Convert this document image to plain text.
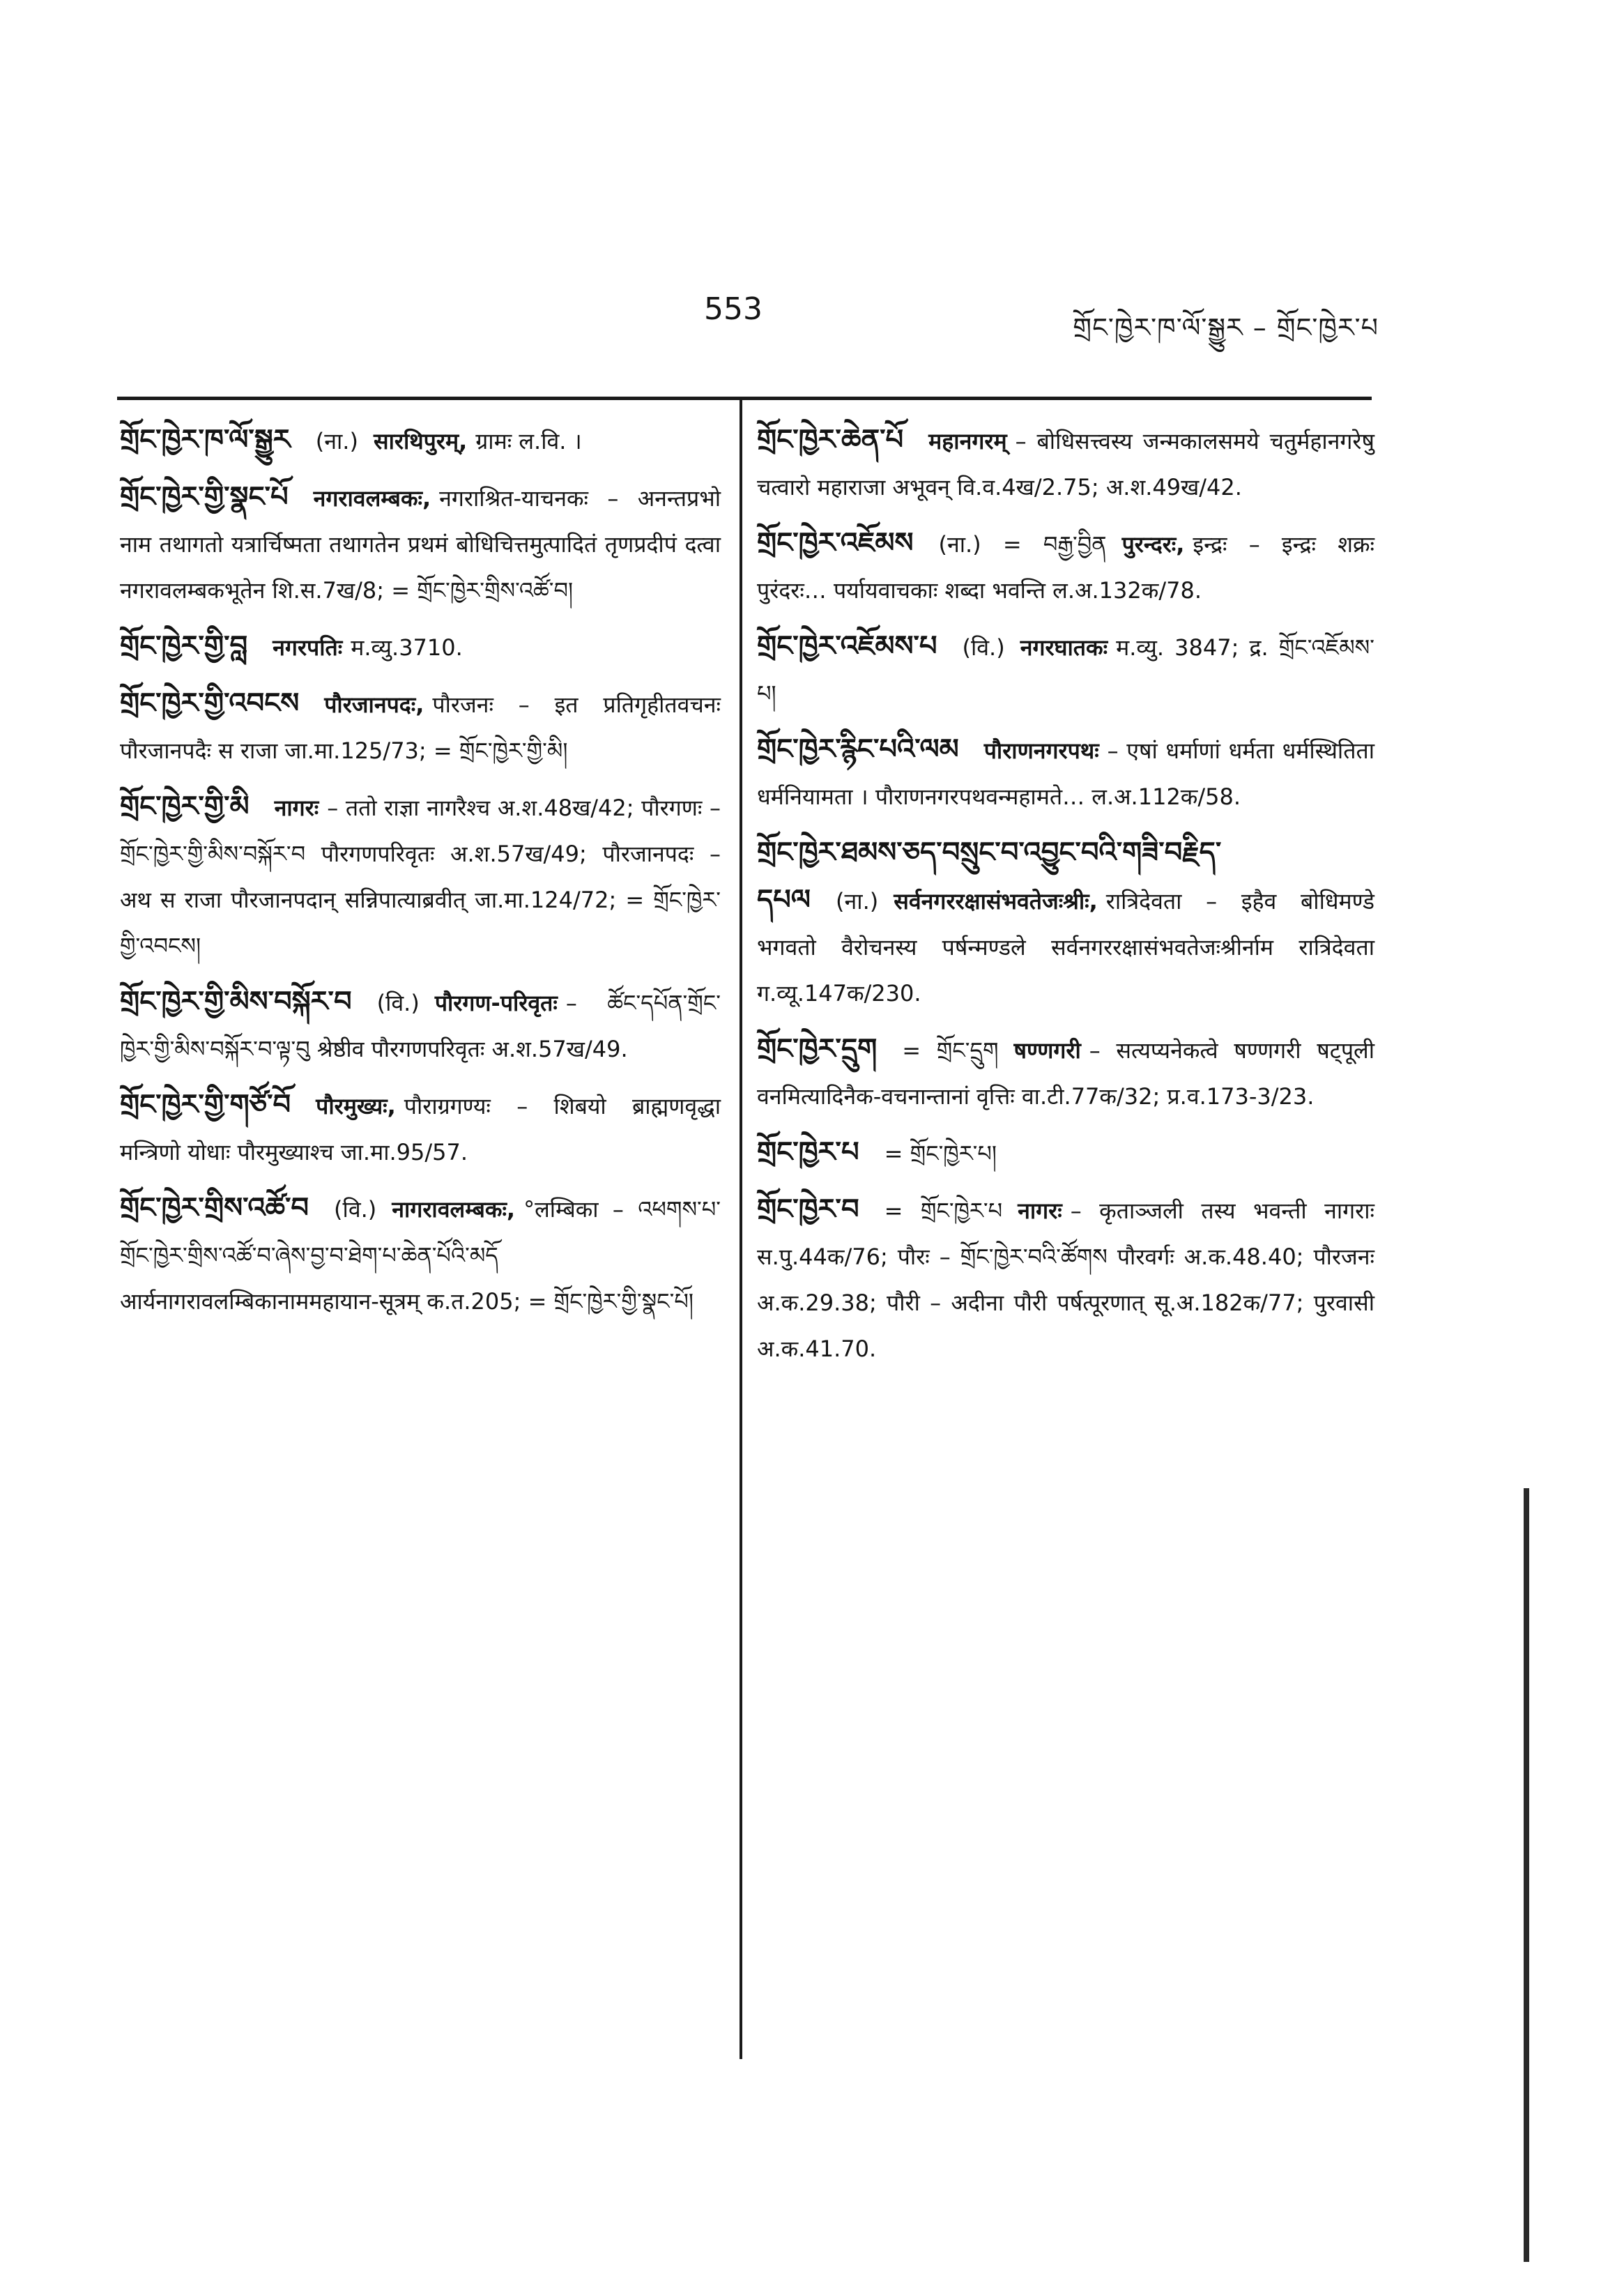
553
གྲོང་ཁྱེར་ཁ་ལོ་སྒྱུར – གྲོང་ཁྱེར་པ
གྲོང་ཁྱེར་ཁ་ལོ་སྒྱུར (ना.) सारथिपुरम्, ग्रामः ल.वि. ।
གྲོང་ཁྱེར་གྱི་སྣང་པོ नगरावलम्बकः, नगराश्रित-याचनकः – अनन्तप्रभो नाम तथागतो यत्रार्चिष्मता तथागतेन प्रथमं बोधिचित्तमुत्पादितं तृणप्रदीपं दत्वा नगरावलम्बकभूतेन शि.स.7ख/8; = གྲོང་ཁྱེར་གྲིས་འཚོ་བ།
གྲོང་ཁྱེར་གྱི་བླ नगरपतिः म.व्यु.3710.
གྲོང་ཁྱེར་གྱི་འབངས पौरजानपदः, पौरजनः – इत प्रतिगृहीतवचनः पौरजानपदैः स राजा जा.मा.125/73; = གྲོང་ཁྱེར་གྱི་མི།
གྲོང་ཁྱེར་གྱི་མི नागरः – ततो राज्ञा नागरैश्च अ.श.48ख/42; पौरगणः – གྲོང་ཁྱེར་གྱི་མིས་བསྐོར་བ पौरगणपरिवृतः अ.श.57ख/49; पौरजानपदः – अथ स राजा पौरजानपदान् सन्निपात्याब्रवीत् जा.मा.124/72; = གྲོང་ཁྱེར་གྱི་འབངས།
གྲོང་ཁྱེར་གྱི་མིས་བསྐོར་བ (वि.) पौरगण-परिवृतः – ཚོང་དཔོན་གྲོང་ཁྱེར་གྱི་མིས་བསྐོར་བ་ལྟ་བུ श्रेष्ठीव पौरगणपरिवृतः अ.श.57ख/49.
གྲོང་ཁྱེར་གྱི་གཙོ་བོ पौरमुख्यः, पौराग्रगण्यः – शिबयो ब्राह्मणवृद्धा मन्त्रिणो योधाः पौरमुख्याश्च जा.मा.95/57.
གྲོང་ཁྱེར་གྲིས་འཚོ་བ (वि.) नागरावलम्बकः, °लम्बिका – འཕགས་པ་གྲོང་ཁྱེར་གྲིས་འཚོ་བ་ཞེས་བྱ་བ་ཐེག་པ་ཆེན་པོའི་མདོ आर्यनागरावलम्बिकानाममहायान-सूत्रम् क.त.205; = གྲོང་ཁྱེར་གྱི་སྣང་པོ།
གྲོང་ཁྱེར་ཆེན་པོ महानगरम् – बोधिसत्त्वस्य जन्मकालसमये चतुर्महानगरेषु चत्वारो महाराजा अभूवन् वि.व.4ख/2.75; अ.श.49ख/42.
གྲོང་ཁྱེར་འཇོམས (ना.) = བརྒྱ་བྱིན पुरन्दरः, इन्द्रः – इन्द्रः शक्रः पुरंदरः… पर्यायवाचकाः शब्दा भवन्ति ल.अ.132क/78.
གྲོང་ཁྱེར་འཇོམས་པ (वि.) नगरघातकः म.व्यु. 3847; द्र. གྲོང་འཇོམས་པ།
གྲོང་ཁྱེར་རྙིང་པའི་ལམ पौराणनगरपथः – एषां धर्माणां धर्मता धर्मस्थितिता धर्मनियामता । पौराणनगरपथवन्महामते… ल.अ.112क/58.
གྲོང་ཁྱེར་ཐམས་ཅད་བསྲུང་བ་འབྱུང་བའི་གཟི་བརྗིད་དཔལ (ना.) सर्वनगररक्षासंभवतेजःश्रीः, रात्रिदेवता – इहैव बोधिमण्डे भगवतो वैरोचनस्य पर्षन्मण्डले सर्वनगररक्षासंभवतेजःश्रीर्नाम रात्रिदेवता ग.व्यू.147क/230.
གྲོང་ཁྱེར་དྲུག = གྲོང་དྲུག षण्णगरी – सत्यप्यनेकत्वे षण्णगरी षट्पूली वनमित्यादिनैक-वचनान्तानां वृत्तिः वा.टी.77क/32; प्र.व.173-3/23.
གྲོང་ཁྱེར་པ = གྲོང་ཁྱེར་པ།
གྲོང་ཁྱེར་བ = གྲོང་ཁྱེར་པ नागरः – कृताञ्जली तस्य भवन्ती नागराः स.पु.44क/76; पौरः – གྲོང་ཁྱེར་བའི་ཚོགས पौरवर्गः अ.क.48.40; पौरजनः अ.क.29.38; पौरी – अदीना पौरी पर्षत्पूरणात् सू.अ.182क/77; पुरवासी अ.क.41.70.
